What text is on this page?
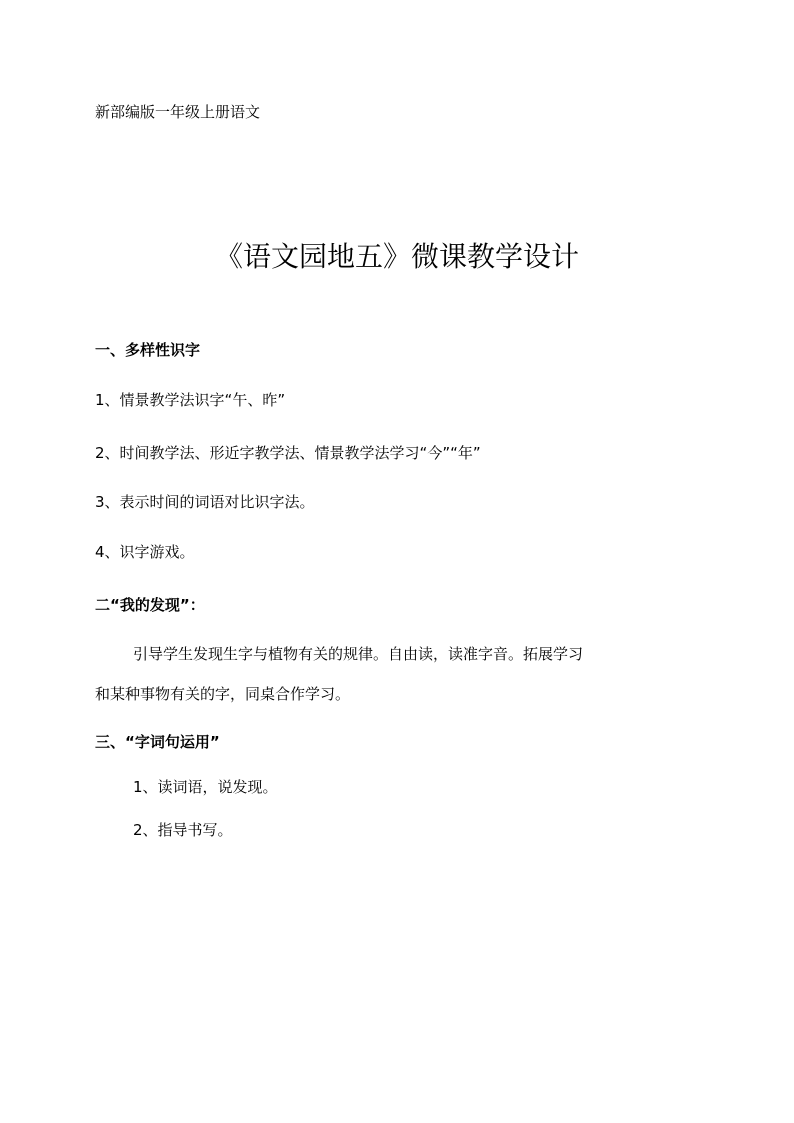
新部编版一年级上册语文
《语文园地五》微课教学设计
一、多样性识字
1、情景教学法识字“午、昨”
2、时间教学法、形近字教学法、情景教学法学习“今”“年”
3、表示时间的词语对比识字法。
4、识字游戏。
二“我的发现”：
引导学生发现生字与植物有关的规律。自由读，读准字音。拓展学习
和某种事物有关的字，同桌合作学习。
三、“字词句运用”
1、读词语，说发现。
2、指导书写。
